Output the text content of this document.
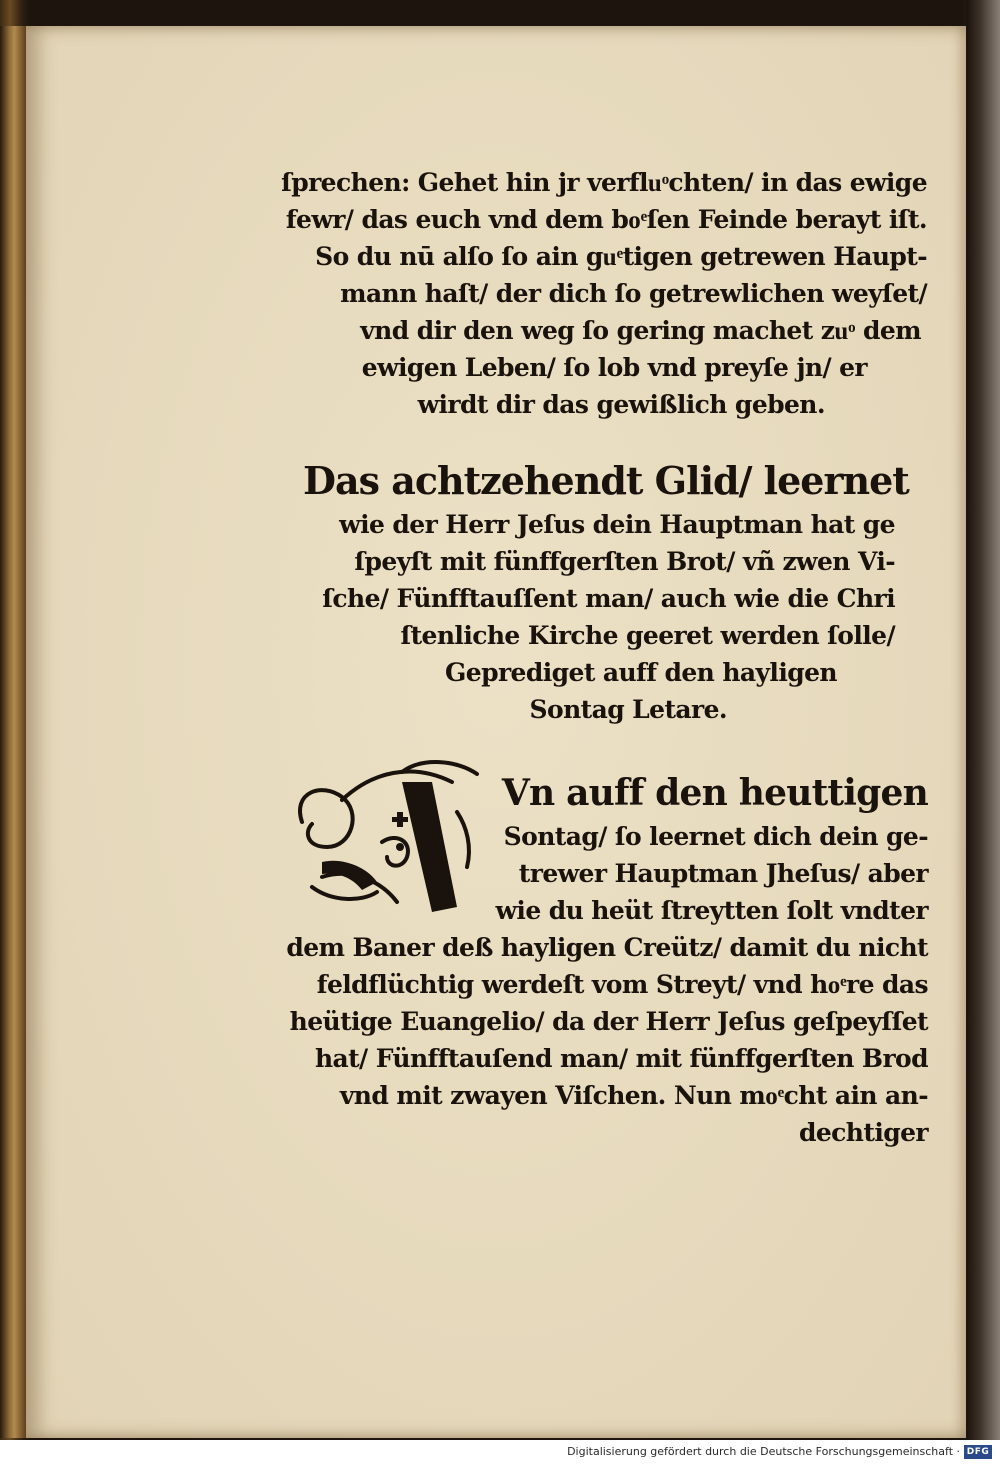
ſprechen: Gehet hin jr verfluͦchten/ in das ewige
fewr/ das euch vnd dem boͤſen Feinde berayt iſt.
So du nū alſo ſo ain guͤtigen getrewen Haupt-
mann haſt/ der dich ſo getrewlichen weyſet/
vnd dir den weg ſo gering machet zuͦ dem
ewigen Leben/ ſo lob vnd preyſe jn/ er
wirdt dir das gewißlich geben.
Das achtzehendt Glid/ leernet
wie der Herr Jeſus dein Hauptman hat ge
ſpeyſt mit fünffgerſten Brot/ vñ zwen Vi-
ſche/ Fünfftauſſent man/ auch wie die Chri
ſtenliche Kirche geeret werden ſolle/
Geprediget auff den hayligen
Sontag Letare.
Vn auff den heuttigen
Sontag/ ſo leernet dich dein ge-
trewer Hauptman Jheſus/ aber
wie du heüt ſtreytten ſolt vndter
dem Baner deß hayligen Creütz/ damit du nicht
feldflüchtig werdeſt vom Streyt/ vnd hoͤre das
heütige Euangelio/ da der Herr Jeſus geſpeyſſet
hat/ Fünfftauſend man/ mit fünffgerſten Brod
vnd mit zwayen Viſchen. Nun moͤcht ain an-
dechtiger
Digitalisierung gefördert durch die Deutsche Forschungsgemeinschaft · DFG
